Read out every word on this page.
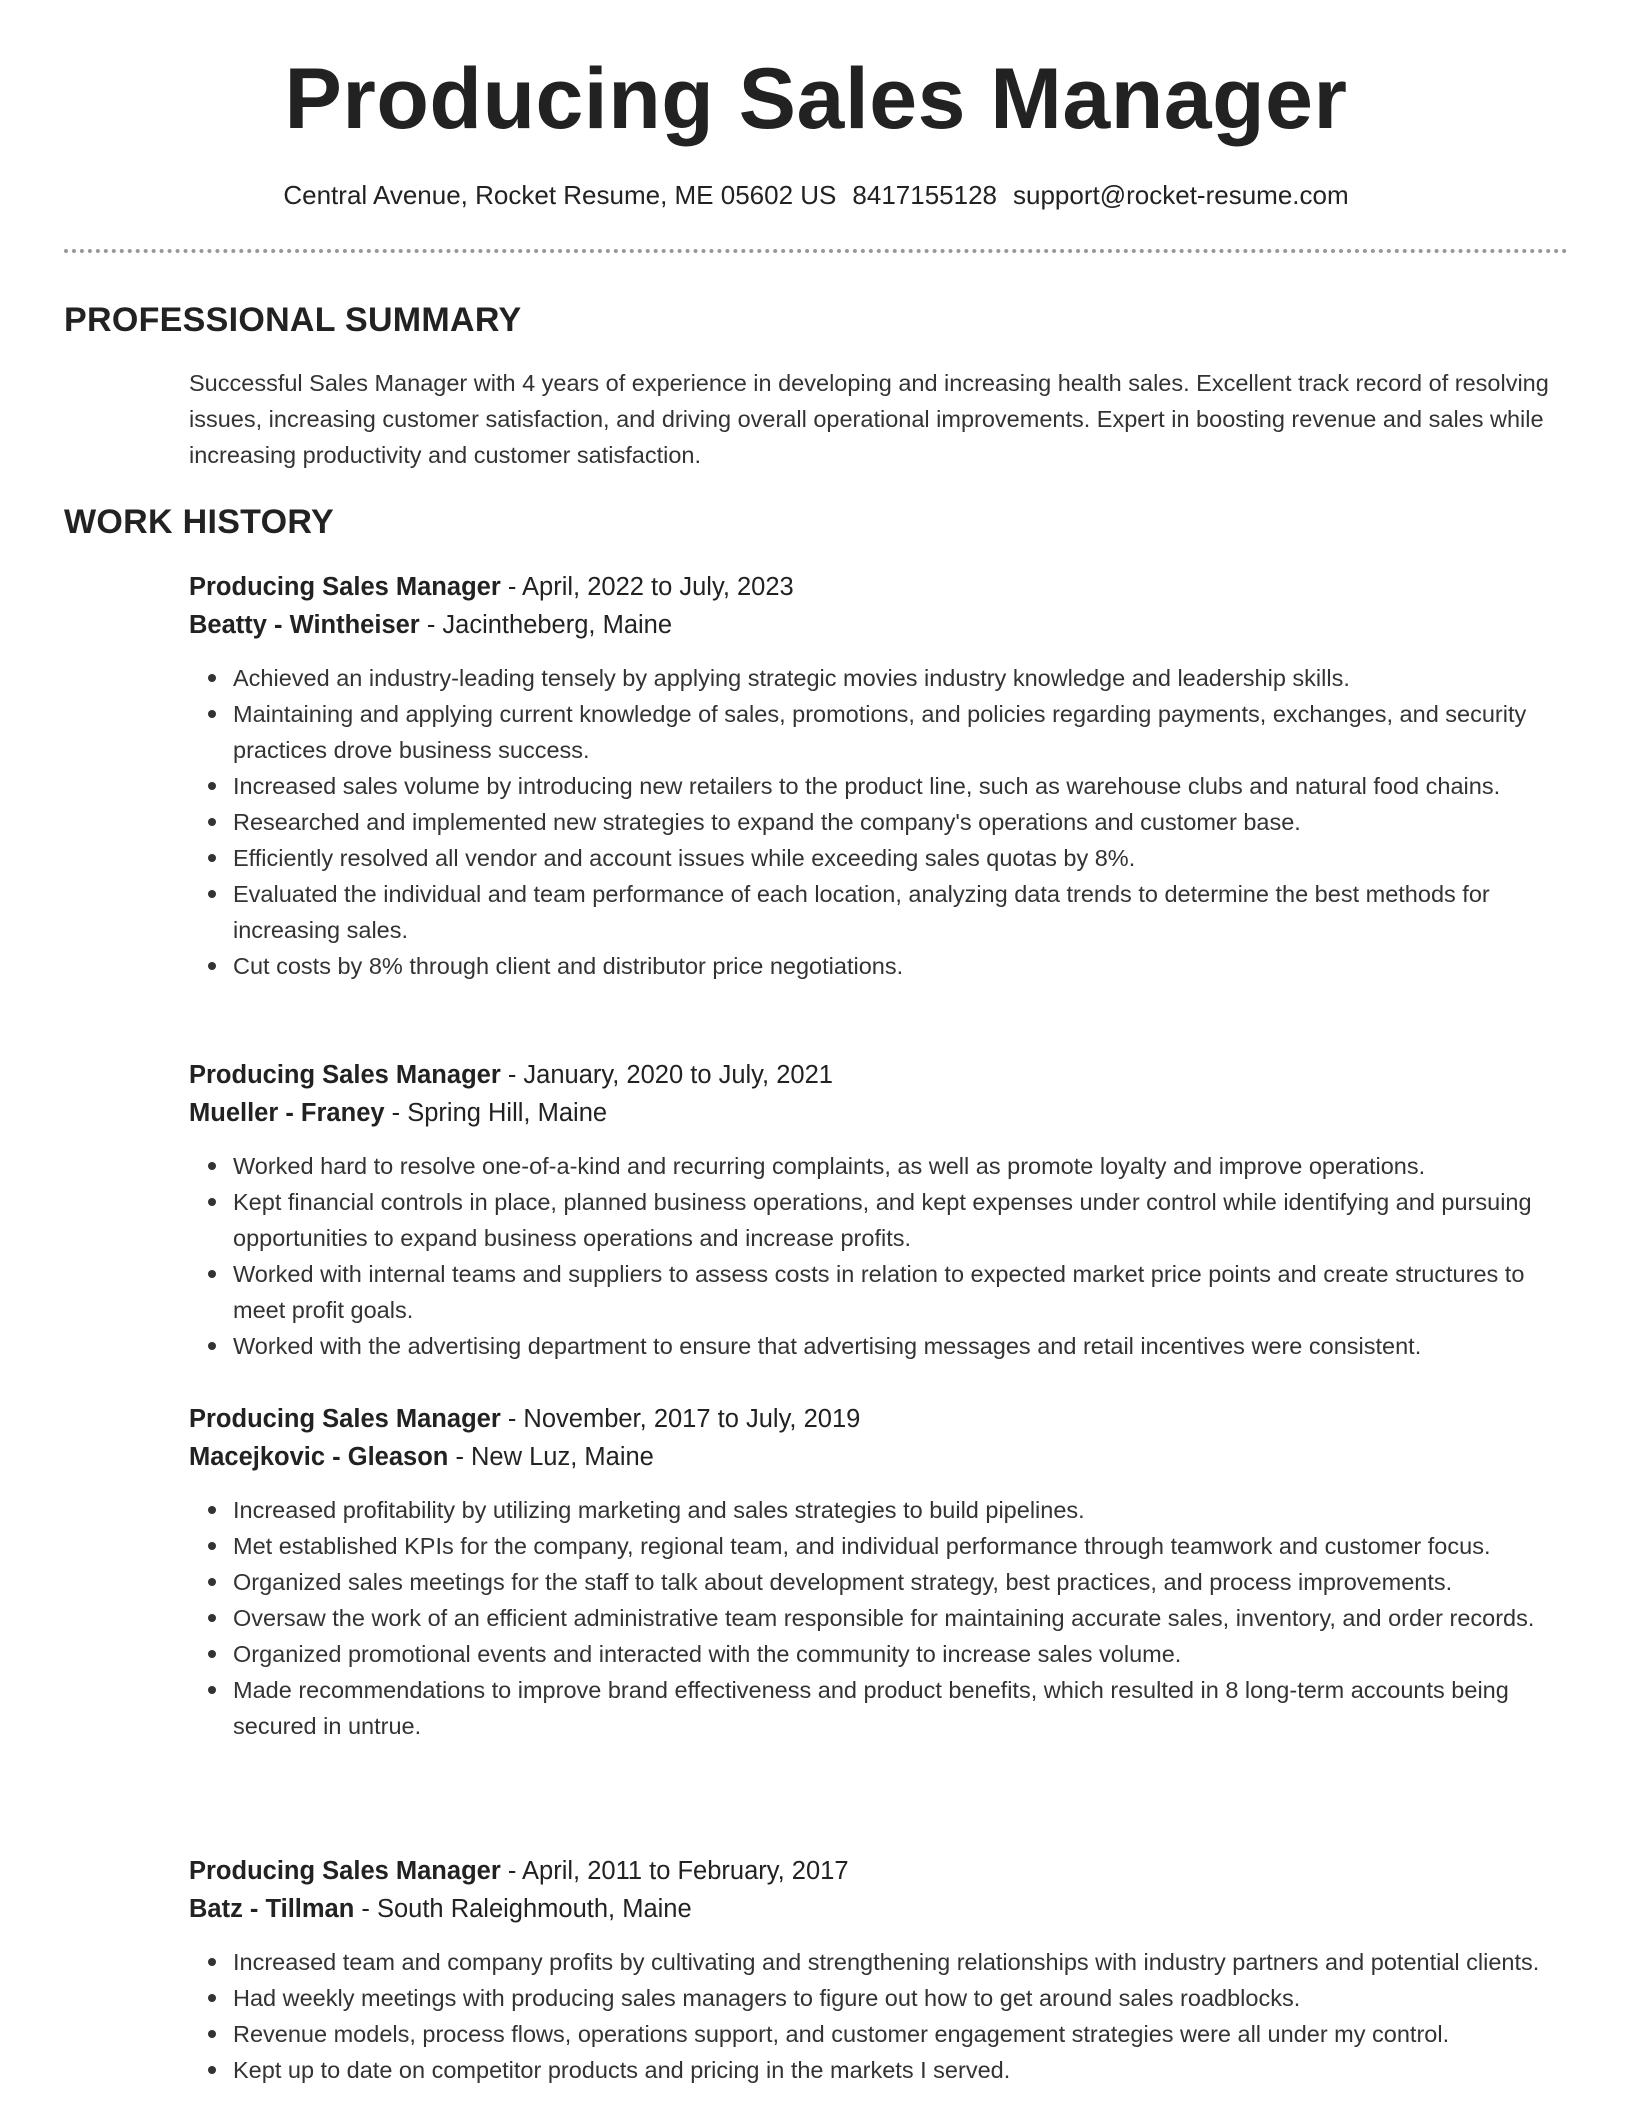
Producing Sales Manager
Central Avenue, Rocket Resume, ME 05602 US 8417155128 support@rocket-resume.com
PROFESSIONAL SUMMARY

Successful Sales Manager with 4 years of experience in developing and increasing health sales. Excellent track record of resolving issues, increasing customer satisfaction, and driving overall operational improvements. Expert in boosting revenue and sales while increasing productivity and customer satisfaction.

WORK HISTORY
Producing Sales Manager - April, 2022 to July, 2023
Beatty - Wintheiser - Jacintheberg, Maine
Achieved an industry-leading tensely by applying strategic movies industry knowledge and leadership skills.
Maintaining and applying current knowledge of sales, promotions, and policies regarding payments, exchanges, and security practices drove business success.
Increased sales volume by introducing new retailers to the product line, such as warehouse clubs and natural food chains.
Researched and implemented new strategies to expand the company's operations and customer base.
Efficiently resolved all vendor and account issues while exceeding sales quotas by 8%.
Evaluated the individual and team performance of each location, analyzing data trends to determine the best methods for increasing sales.
Cut costs by 8% through client and distributor price negotiations.
Producing Sales Manager - January, 2020 to July, 2021
Mueller - Franey - Spring Hill, Maine
Worked hard to resolve one-of-a-kind and recurring complaints, as well as promote loyalty and improve operations.
Kept financial controls in place, planned business operations, and kept expenses under control while identifying and pursuing opportunities to expand business operations and increase profits.
Worked with internal teams and suppliers to assess costs in relation to expected market price points and create structures to meet profit goals.
Worked with the advertising department to ensure that advertising messages and retail incentives were consistent.
Producing Sales Manager - November, 2017 to July, 2019
Macejkovic - Gleason - New Luz, Maine
Increased profitability by utilizing marketing and sales strategies to build pipelines.
Met established KPIs for the company, regional team, and individual performance through teamwork and customer focus.
Organized sales meetings for the staff to talk about development strategy, best practices, and process improvements.
Oversaw the work of an efficient administrative team responsible for maintaining accurate sales, inventory, and order records.
Organized promotional events and interacted with the community to increase sales volume.
Made recommendations to improve brand effectiveness and product benefits, which resulted in 8 long-term accounts being secured in untrue.
Producing Sales Manager - April, 2011 to February, 2017
Batz - Tillman - South Raleighmouth, Maine
Increased team and company profits by cultivating and strengthening relationships with industry partners and potential clients.
Had weekly meetings with producing sales managers to figure out how to get around sales roadblocks.
Revenue models, process flows, operations support, and customer engagement strategies were all under my control.
Kept up to date on competitor products and pricing in the markets I served.
